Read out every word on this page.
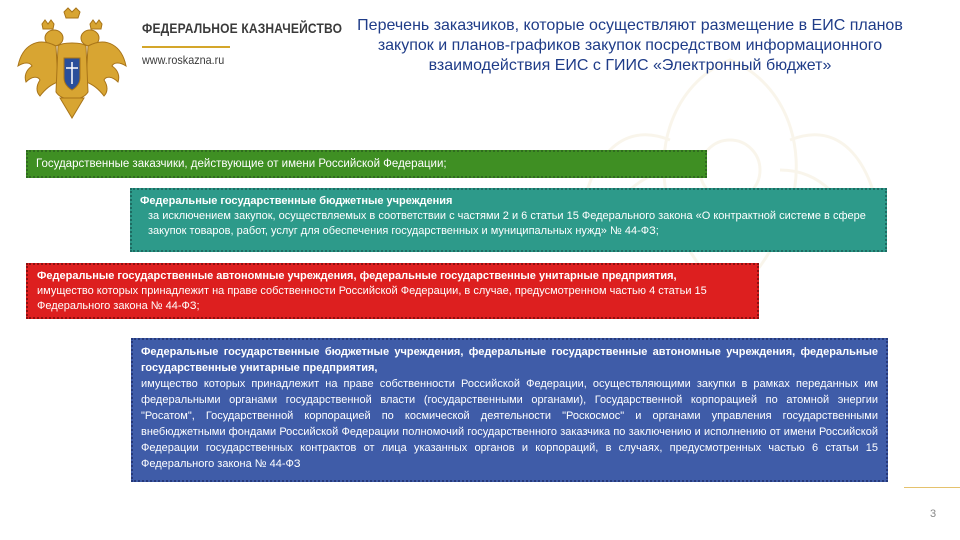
ФЕДЕРАЛЬНОЕ КАЗНАЧЕЙСТВО
www.roskazna.ru
Перечень заказчиков, которые осуществляют размещение в ЕИС планов закупок и планов-графиков закупок посредством информационного взаимодействия ЕИС с ГИИС «Электронный бюджет»
Государственные заказчики, действующие от имени Российской Федерации;
Федеральные государственные бюджетные учреждения
за исключением закупок, осуществляемых в соответствии с частями 2 и 6 статьи 15 Федерального закона «О контрактной системе в сфере закупок товаров, работ, услуг для обеспечения государственных и муниципальных нужд» № 44-ФЗ;
Федеральные государственные автономные учреждения, федеральные государственные унитарные предприятия,
имущество которых принадлежит на праве собственности Российской Федерации, в случае, предусмотренном частью 4 статьи 15 Федерального закона № 44-ФЗ;
Федеральные государственные бюджетные учреждения, федеральные государственные автономные учреждения, федеральные государственные унитарные предприятия,
имущество которых принадлежит на праве собственности Российской Федерации, осуществляющими закупки в рамках переданных им федеральными органами государственной власти (государственными органами), Государственной корпорацией по атомной энергии "Росатом", Государственной корпорацией по космической деятельности "Роскосмос" и органами управления государственными внебюджетными фондами Российской Федерации полномочий государственного заказчика по заключению и исполнению от имени Российской Федерации государственных контрактов от лица указанных органов и корпораций, в случаях, предусмотренных частью 6 статьи 15 Федерального закона № 44-ФЗ
3
